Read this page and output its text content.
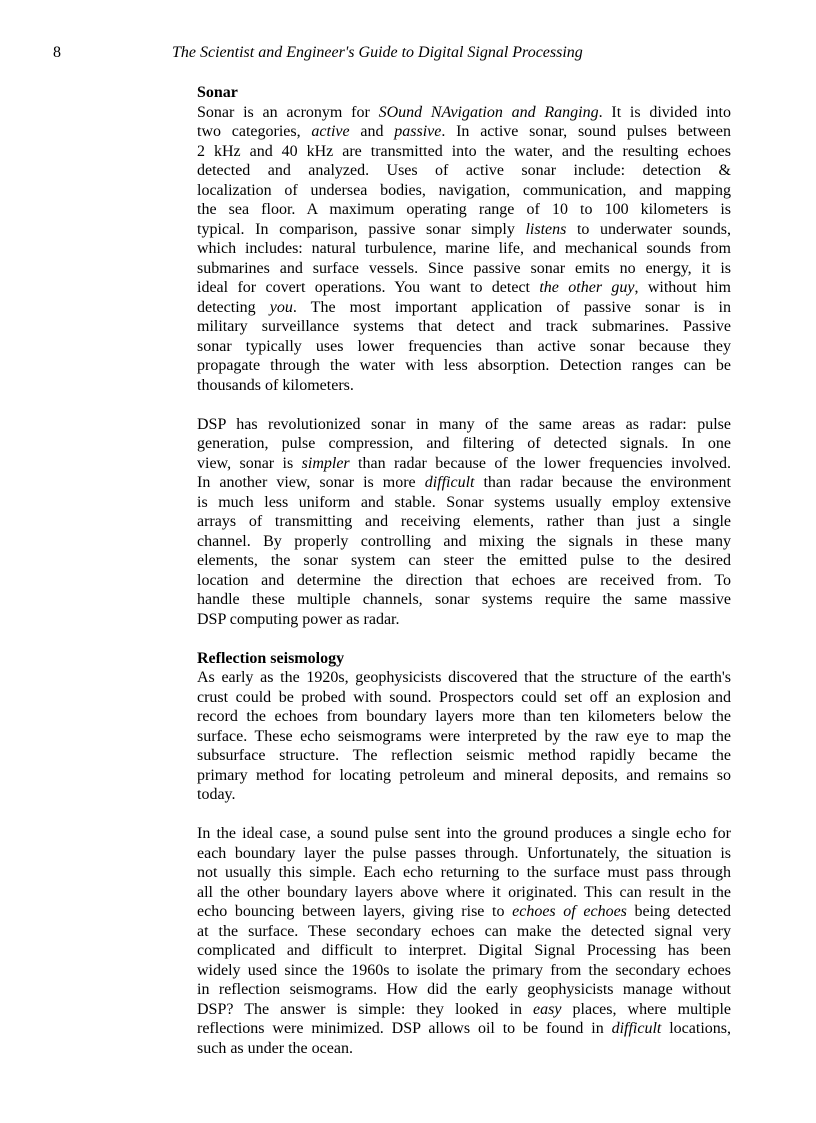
8	The Scientist and Engineer's Guide to Digital Signal Processing
Sonar
Sonar is an acronym for SOund NAvigation and Ranging. It is divided into
two categories, active and passive. In active sonar, sound pulses between
2 kHz and 40 kHz are transmitted into the water, and the resulting echoes
detected and analyzed. Uses of active sonar include: detection &
localization of undersea bodies, navigation, communication, and mapping
the sea floor. A maximum operating range of 10 to 100 kilometers is
typical. In comparison, passive sonar simply listens to underwater sounds,
which includes: natural turbulence, marine life, and mechanical sounds from
submarines and surface vessels. Since passive sonar emits no energy, it is
ideal for covert operations. You want to detect the other guy, without him
detecting you. The most important application of passive sonar is in
military surveillance systems that detect and track submarines. Passive
sonar typically uses lower frequencies than active sonar because they
propagate through the water with less absorption. Detection ranges can be
thousands of kilometers.
DSP has revolutionized sonar in many of the same areas as radar: pulse
generation, pulse compression, and filtering of detected signals. In one
view, sonar is simpler than radar because of the lower frequencies involved.
In another view, sonar is more difficult than radar because the environment
is much less uniform and stable. Sonar systems usually employ extensive
arrays of transmitting and receiving elements, rather than just a single
channel. By properly controlling and mixing the signals in these many
elements, the sonar system can steer the emitted pulse to the desired
location and determine the direction that echoes are received from. To
handle these multiple channels, sonar systems require the same massive
DSP computing power as radar.
Reflection seismology
As early as the 1920s, geophysicists discovered that the structure of the earth's
crust could be probed with sound. Prospectors could set off an explosion and
record the echoes from boundary layers more than ten kilometers below the
surface. These echo seismograms were interpreted by the raw eye to map the
subsurface structure. The reflection seismic method rapidly became the
primary method for locating petroleum and mineral deposits, and remains so
today.
In the ideal case, a sound pulse sent into the ground produces a single echo for
each boundary layer the pulse passes through. Unfortunately, the situation is
not usually this simple. Each echo returning to the surface must pass through
all the other boundary layers above where it originated. This can result in the
echo bouncing between layers, giving rise to echoes of echoes being detected
at the surface. These secondary echoes can make the detected signal very
complicated and difficult to interpret. Digital Signal Processing has been
widely used since the 1960s to isolate the primary from the secondary echoes
in reflection seismograms. How did the early geophysicists manage without
DSP? The answer is simple: they looked in easy places, where multiple
reflections were minimized. DSP allows oil to be found in difficult locations,
such as under the ocean.
